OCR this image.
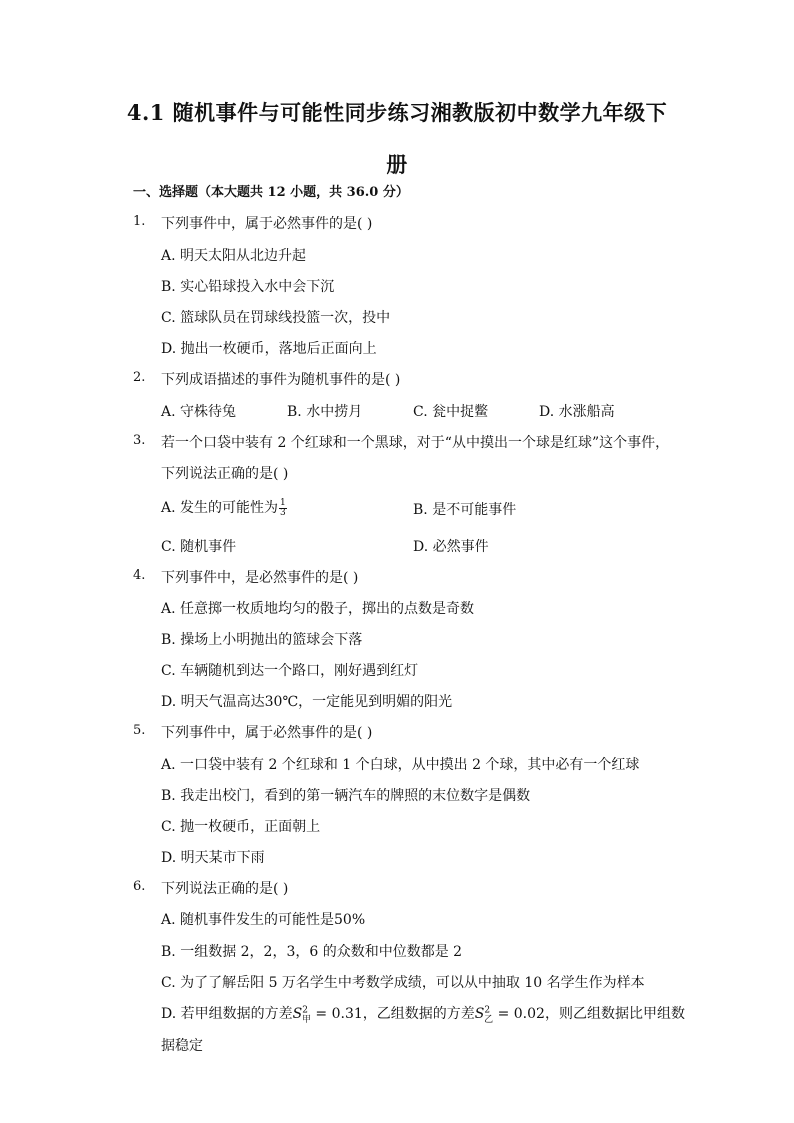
4.1 随机事件与可能性同步练习湘教版初中数学九年级下
册
一、选择题（本大题共 12 小题，共 36.0 分）
1. 下列事件中，属于必然事件的是( )
A. 明天太阳从北边升起
B. 实心铅球投入水中会下沉
C. 篮球队员在罚球线投篮一次，投中
D. 抛出一枚硬币，落地后正面向上
2. 下列成语描述的事件为随机事件的是( )
A. 守株待兔	B. 水中捞月	C. 瓮中捉鳖	D. 水涨船高
3. 若一个口袋中装有 2 个红球和一个黑球，对于“从中摸出一个球是红球”这个事件，
下列说法正确的是( )
A. 发生的可能性为 $\frac{1}{3}$	B. 是不可能事件
C. 随机事件	D. 必然事件
4. 下列事件中，是必然事件的是( )
A. 任意掷一枚质地均匀的骰子，掷出的点数是奇数
B. 操场上小明抛出的篮球会下落
C. 车辆随机到达一个路口，刚好遇到红灯
D. 明天气温高达30℃，一定能见到明媚的阳光
5. 下列事件中，属于必然事件的是( )
A. 一口袋中装有 2 个红球和 1 个白球，从中摸出 2 个球，其中必有一个红球
B. 我走出校门，看到的第一辆汽车的牌照的末位数字是偶数
C. 抛一枚硬币，正面朝上
D. 明天某市下雨
6. 下列说法正确的是( )
A. 随机事件发生的可能性是50%
B. 一组数据 2，2，3，6 的众数和中位数都是 2
C. 为了了解岳阳 5 万名学生中考数学成绩，可以从中抽取 10 名学生作为样本
D. 若甲组数据的方差$S^2_甲 = 0.31$，乙组数据的方差$S^2_乙 = 0.02$，则乙组数据比甲组数
据稳定
